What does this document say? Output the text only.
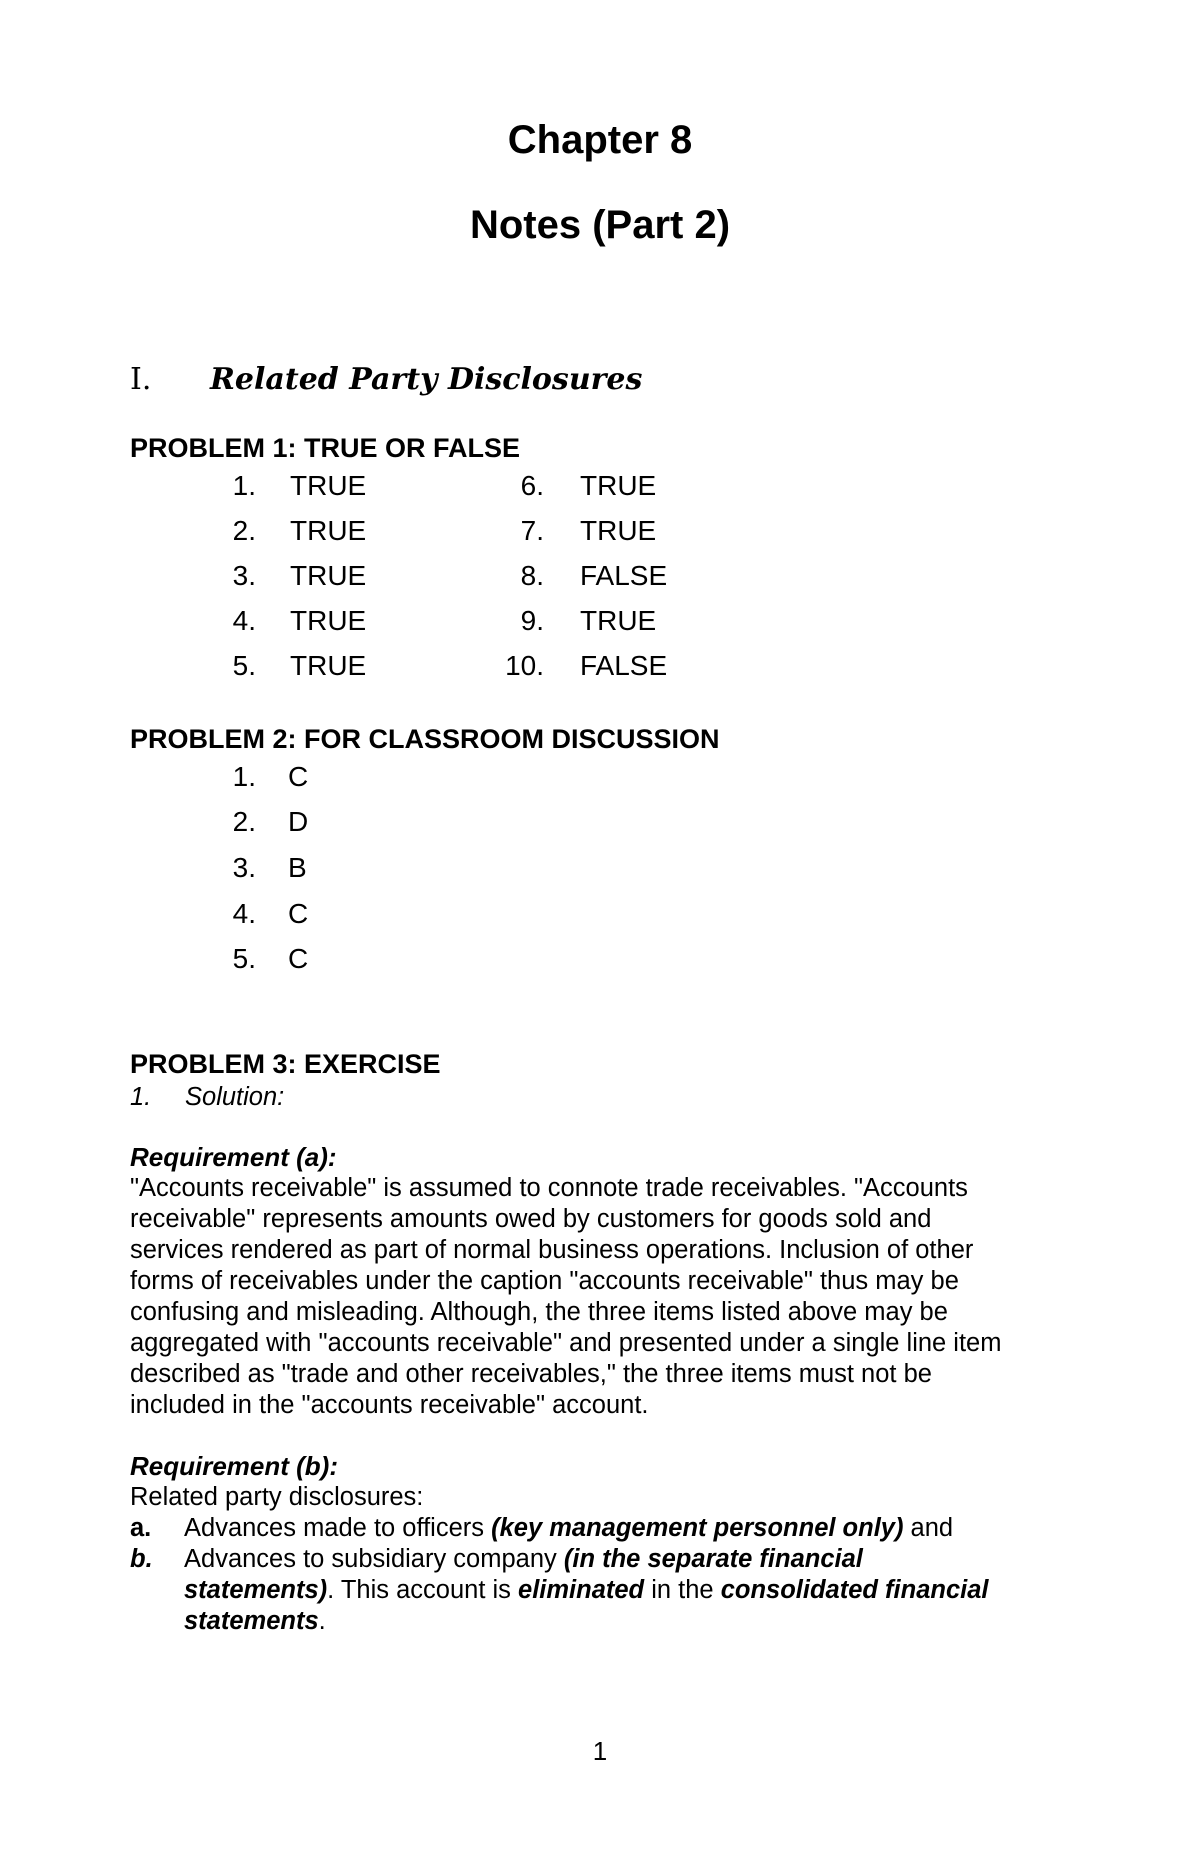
Chapter 8
Notes (Part 2)
I. Related Party Disclosures
PROBLEM 1: TRUE OR FALSE
1. TRUE
2. TRUE
3. TRUE
4. TRUE
5. TRUE
6. TRUE
7. TRUE
8. FALSE
9. TRUE
10. FALSE
PROBLEM 2: FOR CLASSROOM DISCUSSION
1. C
2. D
3. B
4. C
5. C
PROBLEM 3: EXERCISE
1. Solution:
Requirement (a):
"Accounts receivable" is assumed to connote trade receivables. "Accounts
receivable" represents amounts owed by customers for goods sold and
services rendered as part of normal business operations. Inclusion of other
forms of receivables under the caption "accounts receivable" thus may be
confusing and misleading. Although, the three items listed above may be
aggregated with "accounts receivable" and presented under a single line item
described as "trade and other receivables," the three items must not be
included in the "accounts receivable" account.
Requirement (b):
Related party disclosures:
a. Advances made to officers (key management personnel only) and
b. Advances to subsidiary company (in the separate financial
statements). This account is eliminated in the consolidated financial
statements.
1
